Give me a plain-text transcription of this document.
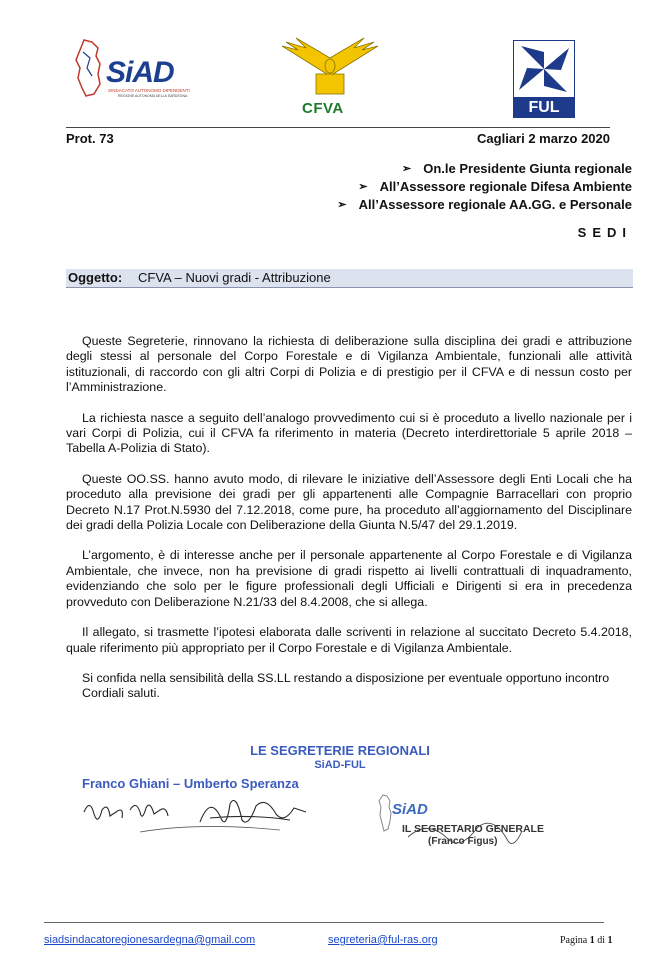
SiAD
SINDACATO AUTONOMO DIPENDENTI
REGIONE AUTONOMA DELLA SARDEGNA
CFVA	FUL
Prot. 73	Cagliari 2 marzo 2020
➢ On.le Presidente Giunta regionale
➢ All’Assessore regionale Difesa Ambiente
➢ All’Assessore regionale AA.GG. e Personale
SEDI
Oggetto: CFVA – Nuovi gradi - Attribuzione

Queste Segreterie, rinnovano la richiesta di deliberazione sulla disciplina dei gradi e attribuzione degli stessi al personale del Corpo Forestale e di Vigilanza Ambientale, funzionali alle attività istituzionali, di raccordo con gli altri Corpi di Polizia e di prestigio per il CFVA e di nessun costo per l’Amministrazione.

La richiesta nasce a seguito dell’analogo provvedimento cui si è proceduto a livello nazionale per i vari Corpi di Polizia, cui il CFVA fa riferimento in materia (Decreto interdirettoriale 5 aprile 2018 – Tabella A-Polizia di Stato).

Queste OO.SS. hanno avuto modo, di rilevare le iniziative dell’Assessore degli Enti Locali che ha proceduto alla previsione dei gradi per gli appartenenti alle Compagnie Barracellari con proprio Decreto N.17 Prot.N.5930 del 7.12.2018, come pure, ha proceduto all’aggiornamento del Disciplinare dei gradi della Polizia Locale con Deliberazione della Giunta N.5/47 del 29.1.2019.

L’argomento, è di interesse anche per il personale appartenente al Corpo Forestale e di Vigilanza Ambientale, che invece, non ha previsione di gradi rispetto ai livelli contrattuali di inquadramento, evidenziando che solo per le figure professionali degli Ufficiali e Dirigenti si era in precedenza provveduto con Deliberazione N.21/33 del 8.4.2008, che si allega.

Il allegato, si trasmette l’ipotesi elaborata dalle scriventi in relazione al succitato Decreto 5.4.2018, quale riferimento più appropriato per il Corpo Forestale e di Vigilanza Ambientale.

Si confida nella sensibilità della SS.LL restando a disposizione per eventuale opportuno incontro

Cordiali saluti.

LE SEGRETERIE REGIONALI
SiAD-FUL
Franco Ghiani – Umberto Speranza
SiAD
IL SEGRETARIO GENERALE
(Franco Figus)
siadsindacatoregionesardegna@gmail.com	segreteria@ful-ras.org	Pagina 1 di 1
